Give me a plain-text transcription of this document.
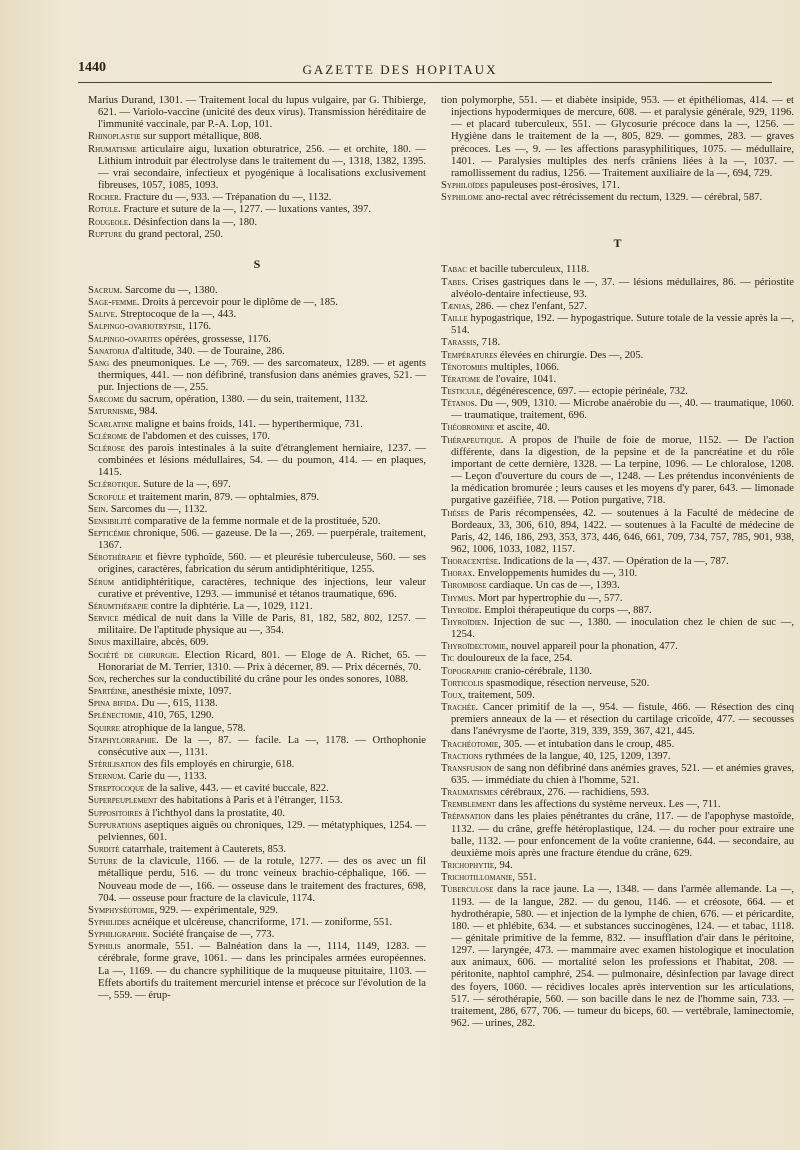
1440	GAZETTE DES HOPITAUX

Marius Durand, 1301. — Traitement local du lupus vulgaire, par G. Thibierge, 621. — Variolo-vaccine (unicité des deux virus). Transmission héréditaire de l'immunité vaccinale, par P.-A. Lop, 101.

Rhinoplastie sur support métallique, 808.

Rhumatisme articulaire aigu, luxation obturatrice, 256. — et orchite, 180. — Lithium introduit par électrolyse dans le traitement du —, 1318, 1382, 1395. — vrai secondaire, infectieux et pyogénique à localisations exclusivement fibreuses, 1057, 1085, 1093.

Rocher. Fracture du —, 933. — Trépanation du —, 1132.

Rotule. Fracture et suture de la —, 1277. — luxations vantes, 397.

Rougeole. Désinfection dans la —, 180.

Rupture du grand pectoral, 250.

S

Sacrum. Sarcome du —, 1380.

Sage-femme. Droits à percevoir pour le diplôme de —, 185.

Salive. Streptocoque de la —, 443.

Salpingo-ovariotrypsie, 1176.

Salpingo-ovarites opérées, grossesse, 1176.

Sanatoria d'altitude, 340. — de Touraine, 286.

Sang des pneumoniques. Le —, 769. — des sarcomateux, 1289. — et agents thermiques, 441. — non défibriné, transfusion dans anémies graves, 521. — pur. Injections de —, 255.

Sarcome du sacrum, opération, 1380. — du sein, traitement, 1132.

Saturnisme, 984.

Scarlatine maligne et bains froids, 141. — hyperthermique, 731.

Sclérome de l'abdomen et des cuisses, 170.

Sclérose des parois intestinales à la suite d'étranglement herniaire, 1237. — combinées et lésions médullaires, 54. — du poumon, 414. — en plaques, 1415.

Sclérotique. Suture de la —, 697.

Scrofule et traitement marin, 879. — ophtalmies, 879.

Sein. Sarcomes du —, 1132.

Sensibilité comparative de la femme normale et de la prostituée, 520.

Septicémie chronique, 506. — gazeuse. De la —, 269. — puerpérale, traitement, 1367.

Sérothérapie et fièvre typhoïde, 560. — et pleurésie tuberculeuse, 560. — ses origines, caractères, fabrication du sérum antidiphtéritique, 1255.

Sérum antidiphtéritique, caractères, technique des injections, leur valeur curative et préventive, 1293. — immunisé et tétanos traumatique, 696.

Sérumthérapie contre la diphtérie. La —, 1029, 1121.

Service médical de nuit dans la Ville de Paris, 81, 182, 582, 802, 1257. — militaire. De l'aptitude physique au —, 354.

Sinus maxillaire, abcès, 609.

Société de chirurgie. Election Ricard, 801. — Eloge de A. Richet, 65. — Honorariat de M. Terrier, 1310. — Prix à décerner, 89. — Prix décernés, 70.

Son, recherches sur la conductibilité du crâne pour les ondes sonores, 1088.

Spartéine, anesthésie mixte, 1097.

Spina bifida. Du —, 615, 1138.

Splénectomie, 410, 765, 1290.

Squirre atrophique de la langue, 578.

Staphylorraphie. De la —, 87. — facile. La —, 1178. — Orthophonie consécutive aux —, 1131.

Stérilisation des fils employés en chirurgie, 618.

Sternum. Carie du —, 1133.

Streptocoque de la salive, 443. — et cavité buccale, 822.

Superpeuplement des habitations à Paris et à l'étranger, 1153.

Suppositoires à l'ichthyol dans la prostatite, 40.

Suppurations aseptiques aiguës ou chroniques, 129. — métatyphiques, 1254. — pelviennes, 601.

Surdité catarrhale, traitement à Cauterets, 853.

Suture de la clavicule, 1166. — de la rotule, 1277. — des os avec un fil métallique perdu, 516. — du tronc veineux brachio-céphalique, 166. — Nouveau mode de —, 166. — osseuse dans le traitement des fractures, 698, 704. — osseuse pour fracture de la clavicule, 1174.

Symphyséotomie, 929. — expérimentale, 929.

Syphilides acnéique et ulcéreuse, chancriforme, 171. — zoniforme, 551.

Syphiligraphie. Société française de —, 773.

Syphilis anormale, 551. — Balnéation dans la —, 1114, 1149, 1283. — cérébrale, forme grave, 1061. — dans les principales armées européennes. La —, 1169. — du chancre syphilitique de la muqueuse pituitaire, 1103. — Effets abortifs du traitement mercuriel intense et précoce sur l'évolution de la —, 559. — érup-

tion polymorphe, 551. — et diabète insipide, 953. — et épithéliomas, 414. — et injections hypodermiques de mercure, 608. — et paralysie générale, 929, 1196. — et placard tuberculeux, 551. — Glycosurie précoce dans la —, 1256. — Hygiène dans le traitement de la —, 805, 829. — gommes, 283. — graves précoces. Les —, 9. — les affections parasyphilitiques, 1075. — médullaire, 1401. — Paralysies multiples des nerfs crâniens liées à la —, 1037. — ramollissement du radius, 1256. — Traitement auxiliaire de la —, 694, 729.

Syphiloïdes papuleuses post-érosives, 171.

Syphilome ano-rectal avec rétrécissement du rectum, 1329. — cérébral, 587.

T

Tabac et bacille tuberculeux, 1118.

Tabes. Crises gastriques dans le —, 37. — lésions médullaires, 86. — périostite alvéolo-dentaire infectieuse, 93.

Tænias, 286. — chez l'enfant, 527.

Taille hypogastrique, 192. — hypogastrique. Suture totale de la vessie après la —, 514.

Tarassis, 718.

Températures élevées en chirurgie. Des —, 205.

Ténotomies multiples, 1066.

Tératome de l'ovaire, 1041.

Testicule, dégénérescence, 697. — ectopie périnéale, 732.

Tétanos. Du —, 909, 1310. — Microbe anaérobie du —, 40. — traumatique, 1060. — traumatique, traitement, 696.

Théobromine et ascite, 40.

Thérapeutique. A propos de l'huile de foie de morue, 1152. — De l'action différente, dans la digestion, de la pepsine et de la pancréatine et du rôle important de cette dernière, 1328. — La terpine, 1096. — Le chloralose, 1208. — Leçon d'ouverture du cours de —, 1248. — Les prétendus inconvénients de la médication bromurée ; leurs causes et les moyens d'y parer, 643. — limonade purgative gazéifiée, 718. — Potion purgative, 718.

Thèses de Paris récompensées, 42. — soutenues à la Faculté de médecine de Bordeaux, 33, 306, 610, 894, 1422. — soutenues à la Faculté de médecine de Paris, 42, 146, 186, 293, 353, 373, 446, 646, 661, 709, 734, 757, 785, 901, 938, 962, 1006, 1033, 1082, 1157.

Thoracentèse. Indications de la —, 437. — Opération de la —, 787.

Thorax. Enveloppements humides du —, 310.

Thrombose cardiaque. Un cas de —, 1393.

Thymus. Mort par hypertrophie du —, 577.

Thyroïde. Emploi thérapeutique du corps —, 887.

Thyroïdien. Injection de suc —, 1380. — inoculation chez le chien de suc —, 1254.

Thyroïdectomie, nouvel appareil pour la phonation, 477.

Tic douloureux de la face, 254.

Topographie cranio-cérébrale, 1130.

Torticolis spasmodique, résection nerveuse, 520.

Toux, traitement, 509.

Trachée. Cancer primitif de la —, 954. — fistule, 466. — Résection des cinq premiers anneaux de la — et résection du cartilage cricoïde, 477. — secousses dans l'anévrysme de l'aorte, 319, 339, 359, 367, 421, 445.

Trachéotomie, 305. — et intubation dans le croup, 485.

Tractions rythmées de la langue, 40, 125, 1209, 1397.

Transfusion de sang non défibriné dans anémies graves, 521. — et anémies graves, 635. — immédiate du chien à l'homme, 521.

Traumatismes cérébraux, 276. — rachidiens, 593.

Tremblement dans les affections du système nerveux. Les —, 711.

Trépanation dans les plaies pénétrantes du crâne, 117. — de l'apophyse mastoïde, 1132. — du crâne, greffe hétéroplastique, 124. — du rocher pour extraire une balle, 1132. — pour enfoncement de la voûte cranienne, 644. — secondaire, au deuxième mois après une fracture étendue du crâne, 629.

Trichophytie, 94.

Trichotillomanie, 551.

Tuberculose dans la race jaune. La —, 1348. — dans l'armée allemande. La —, 1193. — de la langue, 282. — du genou, 1146. — et créosote, 664. — et hydrothérapie, 580. — et injection de la lymphe de chien, 676. — et péricardite, 180. — et phlébite, 634. — et substances succinogènes, 124. — et tabac, 1118. — génitale primitive de la femme, 832. — insufflation d'air dans le péritoine, 1297. — laryngée, 473. — mammaire avec examen histologique et inoculation aux animaux, 606. — mortalité selon les professions et l'habitat, 208. — péritonite, naphtol camphré, 254. — pulmonaire, désinfection par lavage direct des foyers, 1060. — récidives locales après intervention sur les articulations, 517. — sérothérapie, 560. — son bacille dans le nez de l'homme sain, 733. — traitement, 286, 677, 706. — tumeur du biceps, 60. — vertébrale, laminectomie, 962. — urines, 282.
